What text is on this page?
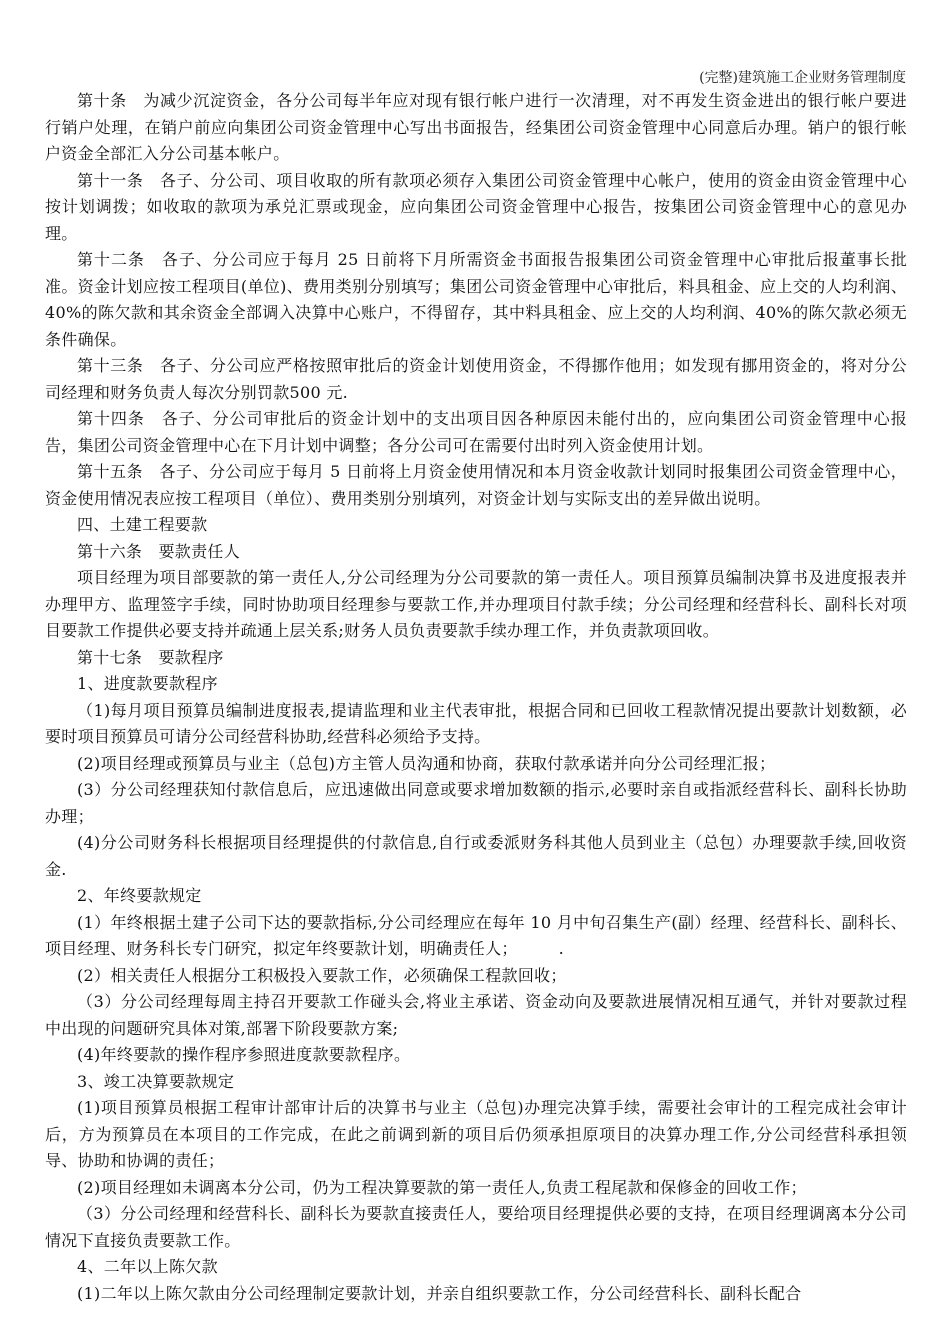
(完整)建筑施工企业财务管理制度

第十条　为减少沉淀资金，各分公司每半年应对现有银行帐户进行一次清理，对不再发生资金进出的银行帐户要进行销户处理，在销户前应向集团公司资金管理中心写出书面报告，经集团公司资金管理中心同意后办理。销户的银行帐户资金全部汇入分公司基本帐户。

第十一条　各子、分公司、项目收取的所有款项必须存入集团公司资金管理中心帐户，使用的资金由资金管理中心按计划调拨；如收取的款项为承兑汇票或现金，应向集团公司资金管理中心报告，按集团公司资金管理中心的意见办理。

第十二条　各子、分公司应于每月 25 日前将下月所需资金书面报告报集团公司资金管理中心审批后报董事长批准。资金计划应按工程项目(单位)、费用类别分别填写；集团公司资金管理中心审批后，料具租金、应上交的人均利润、40%的陈欠款和其余资金全部调入决算中心账户，不得留存，其中料具租金、应上交的人均利润、40%的陈欠款必须无条件确保。

第十三条　各子、分公司应严格按照审批后的资金计划使用资金，不得挪作他用；如发现有挪用资金的，将对分公司经理和财务负责人每次分别罚款500 元.

第十四条　各子、分公司审批后的资金计划中的支出项目因各种原因未能付出的，应向集团公司资金管理中心报告，集团公司资金管理中心在下月计划中调整；各分公司可在需要付出时列入资金使用计划。

第十五条　各子、分公司应于每月 5 日前将上月资金使用情况和本月资金收款计划同时报集团公司资金管理中心，资金使用情况表应按工程项目（单位）、费用类别分别填列，对资金计划与实际支出的差异做出说明。

四、土建工程要款

第十六条　要款责任人

项目经理为项目部要款的第一责任人,分公司经理为分公司要款的第一责任人。项目预算员编制决算书及进度报表并办理甲方、监理签字手续，同时协助项目经理参与要款工作,并办理项目付款手续；分公司经理和经营科长、副科长对项目要款工作提供必要支持并疏通上层关系;财务人员负责要款手续办理工作，并负责款项回收。

第十七条　要款程序

1、进度款要款程序

（1)每月项目预算员编制进度报表,提请监理和业主代表审批，根据合同和已回收工程款情况提出要款计划数额，必要时项目预算员可请分公司经营科协助,经营科必须给予支持。

(2)项目经理或预算员与业主（总包)方主管人员沟通和协商，获取付款承诺并向分公司经理汇报；

(3）分公司经理获知付款信息后，应迅速做出同意或要求增加数额的指示,必要时亲自或指派经营科长、副科长协助办理；

(4)分公司财务科长根据项目经理提供的付款信息,自行或委派财务科其他人员到业主（总包）办理要款手续,回收资金.

2、年终要款规定

(1）年终根据土建子公司下达的要款指标,分公司经理应在每年 10 月中旬召集生产(副）经理、经营科长、副科长、项目经理、财务科长专门研究，拟定年终要款计划，明确责任人；　　　.

(2）相关责任人根据分工积极投入要款工作，必须确保工程款回收；

（3）分公司经理每周主持召开要款工作碰头会,将业主承诺、资金动向及要款进展情况相互通气，并针对要款过程中出现的问题研究具体对策,部署下阶段要款方案;

(4)年终要款的操作程序参照进度款要款程序。

3、竣工决算要款规定

(1)项目预算员根据工程审计部审计后的决算书与业主（总包)办理完决算手续，需要社会审计的工程完成社会审计后，方为预算员在本项目的工作完成，在此之前调到新的项目后仍须承担原项目的决算办理工作,分公司经营科承担领导、协助和协调的责任；

(2)项目经理如未调离本分公司，仍为工程决算要款的第一责任人,负责工程尾款和保修金的回收工作；

（3）分公司经理和经营科长、副科长为要款直接责任人，要给项目经理提供必要的支持，在项目经理调离本分公司情况下直接负责要款工作。

4、二年以上陈欠款

(1)二年以上陈欠款由分公司经理制定要款计划，并亲自组织要款工作，分公司经营科长、副科长配合
